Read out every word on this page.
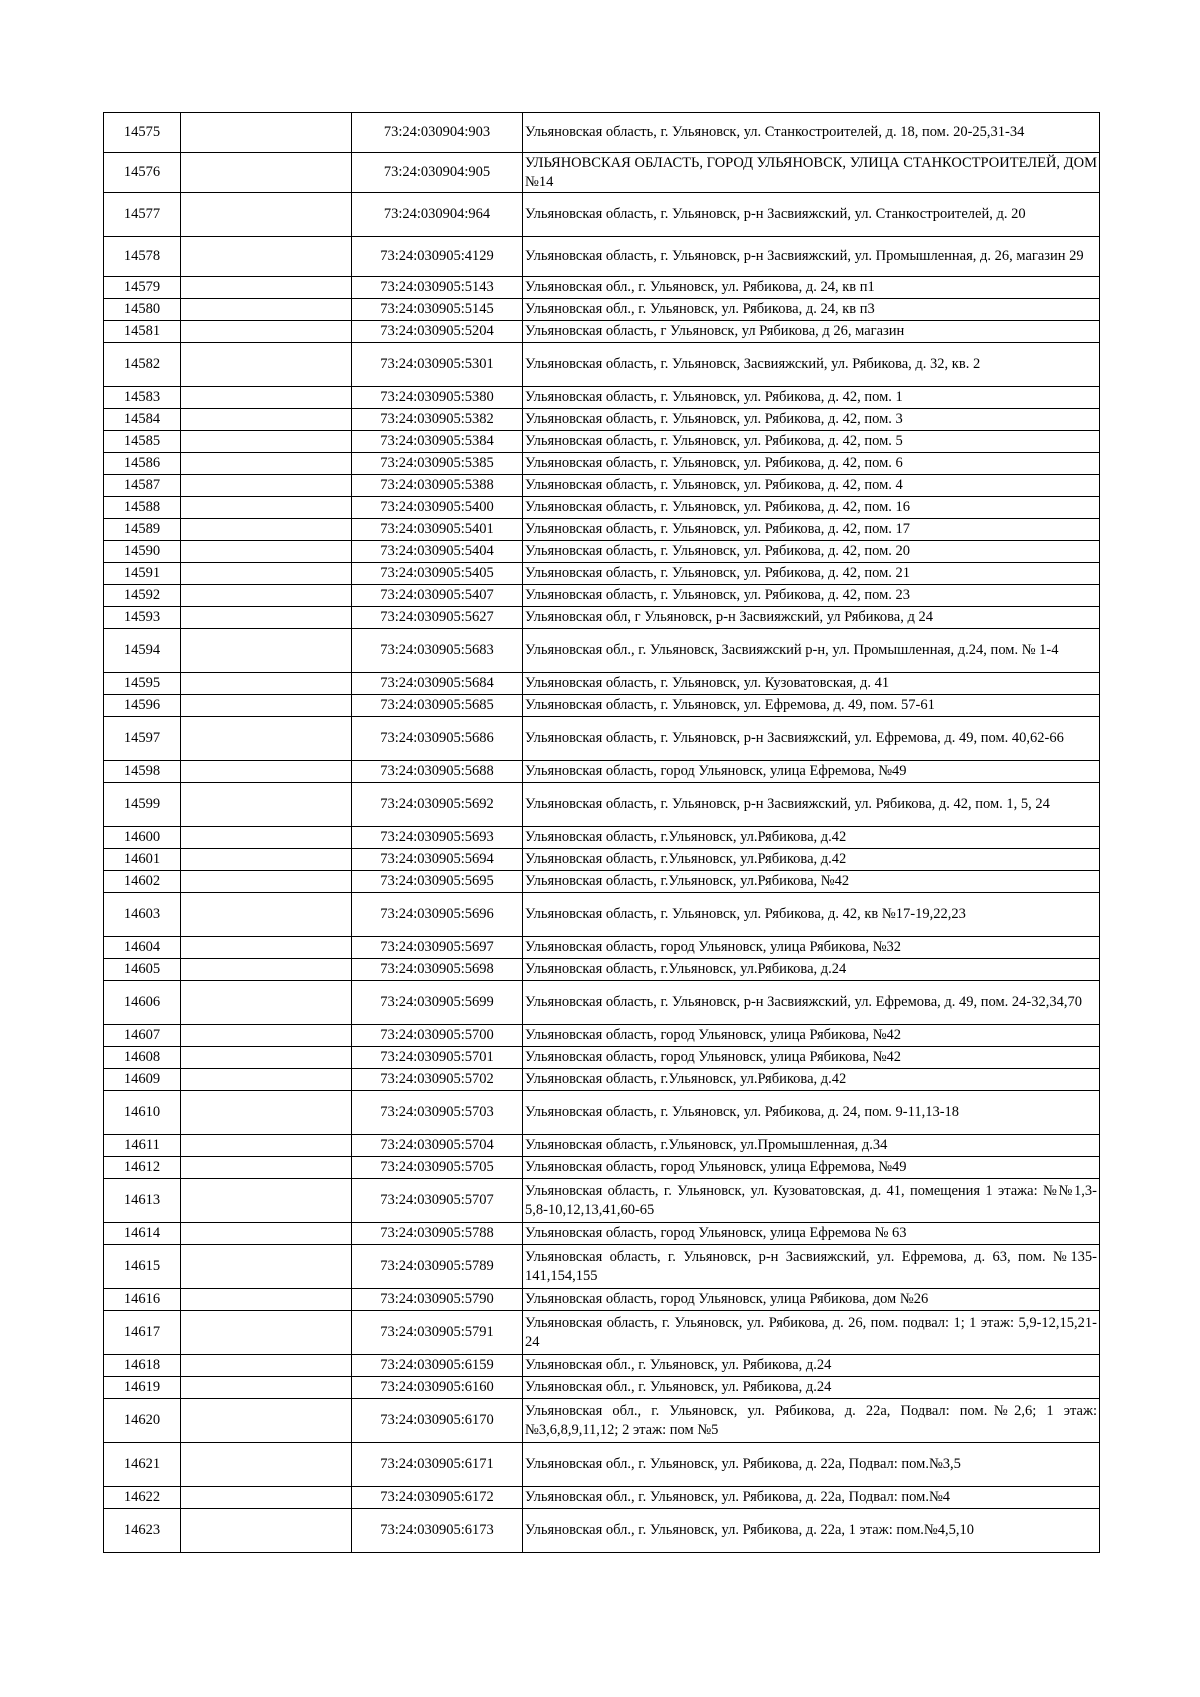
14575		73:24:030904:903	Ульяновская область, г. Ульяновск, ул. Станкостроителей, д. 18, пом. 20-25,31-34
14576		73:24:030904:905	УЛЬЯНОВСКАЯ ОБЛАСТЬ, ГОРОД УЛЬЯНОВСК, УЛИЦА СТАНКОСТРОИТЕЛЕЙ, ДОМ №14
14577		73:24:030904:964	Ульяновская область, г. Ульяновск, р-н Засвияжский, ул. Станкостроителей, д. 20
14578		73:24:030905:4129	Ульяновская область, г. Ульяновск, р-н Засвияжский, ул. Промышленная, д. 26, магазин 29
14579		73:24:030905:5143	Ульяновская обл., г. Ульяновск, ул. Рябикова, д. 24, кв п1
14580		73:24:030905:5145	Ульяновская обл., г. Ульяновск, ул. Рябикова, д. 24, кв п3
14581		73:24:030905:5204	Ульяновская область, г Ульяновск, ул Рябикова, д 26, магазин
14582		73:24:030905:5301	Ульяновская область, г. Ульяновск, Засвияжский, ул. Рябикова, д. 32, кв. 2
14583		73:24:030905:5380	Ульяновская область, г. Ульяновск, ул. Рябикова, д. 42, пом. 1
14584		73:24:030905:5382	Ульяновская область, г. Ульяновск, ул. Рябикова, д. 42, пом. 3
14585		73:24:030905:5384	Ульяновская область, г. Ульяновск, ул. Рябикова, д. 42, пом. 5
14586		73:24:030905:5385	Ульяновская область, г. Ульяновск, ул. Рябикова, д. 42, пом. 6
14587		73:24:030905:5388	Ульяновская область, г. Ульяновск, ул. Рябикова, д. 42, пом. 4
14588		73:24:030905:5400	Ульяновская область, г. Ульяновск, ул. Рябикова, д. 42, пом. 16
14589		73:24:030905:5401	Ульяновская область, г. Ульяновск, ул. Рябикова, д. 42, пом. 17
14590		73:24:030905:5404	Ульяновская область, г. Ульяновск, ул. Рябикова, д. 42, пом. 20
14591		73:24:030905:5405	Ульяновская область, г. Ульяновск, ул. Рябикова, д. 42, пом. 21
14592		73:24:030905:5407	Ульяновская область, г. Ульяновск, ул. Рябикова, д. 42, пом. 23
14593		73:24:030905:5627	Ульяновская обл, г Ульяновск, р-н Засвияжский, ул Рябикова, д 24
14594		73:24:030905:5683	Ульяновская обл., г. Ульяновск, Засвияжский р-н, ул. Промышленная, д.24, пом. № 1-4
14595		73:24:030905:5684	Ульяновская область, г. Ульяновск, ул. Кузоватовская, д. 41
14596		73:24:030905:5685	Ульяновская область, г. Ульяновск, ул. Ефремова, д. 49, пом. 57-61
14597		73:24:030905:5686	Ульяновская область, г. Ульяновск, р-н Засвияжский, ул. Ефремова, д. 49, пом. 40,62-66
14598		73:24:030905:5688	Ульяновская область, город Ульяновск, улица Ефремова, №49
14599		73:24:030905:5692	Ульяновская область, г. Ульяновск, р-н Засвияжский, ул. Рябикова, д. 42, пом. 1, 5, 24
14600		73:24:030905:5693	Ульяновская область, г.Ульяновск, ул.Рябикова, д.42
14601		73:24:030905:5694	Ульяновская область, г.Ульяновск, ул.Рябикова, д.42
14602		73:24:030905:5695	Ульяновская область, г.Ульяновск, ул.Рябикова, №42
14603		73:24:030905:5696	Ульяновская область, г. Ульяновск, ул. Рябикова, д. 42, кв №17-19,22,23
14604		73:24:030905:5697	Ульяновская область, город Ульяновск, улица Рябикова, №32
14605		73:24:030905:5698	Ульяновская область, г.Ульяновск, ул.Рябикова, д.24
14606		73:24:030905:5699	Ульяновская область, г. Ульяновск, р-н Засвияжский, ул. Ефремова, д. 49, пом. 24-32,34,70
14607		73:24:030905:5700	Ульяновская область, город Ульяновск, улица Рябикова, №42
14608		73:24:030905:5701	Ульяновская область, город Ульяновск, улица Рябикова, №42
14609		73:24:030905:5702	Ульяновская область, г.Ульяновск, ул.Рябикова, д.42
14610		73:24:030905:5703	Ульяновская область, г. Ульяновск, ул. Рябикова, д. 24, пом. 9-11,13-18
14611		73:24:030905:5704	Ульяновская область, г.Ульяновск, ул.Промышленная, д.34
14612		73:24:030905:5705	Ульяновская область, город Ульяновск, улица Ефремова, №49
14613		73:24:030905:5707	Ульяновская область, г. Ульяновск, ул. Кузоватовская, д. 41, помещения 1 этажа: №№1,3-5,8-10,12,13,41,60-65
14614		73:24:030905:5788	Ульяновская область, город Ульяновск, улица Ефремова № 63
14615		73:24:030905:5789	Ульяновская область, г. Ульяновск, р-н Засвияжский, ул. Ефремова, д. 63, пом. №135-141,154,155
14616		73:24:030905:5790	Ульяновская область, город Ульяновск, улица Рябикова, дом №26
14617		73:24:030905:5791	Ульяновская область, г. Ульяновск, ул. Рябикова, д. 26, пом. подвал: 1; 1 этаж: 5,9-12,15,21-24
14618		73:24:030905:6159	Ульяновская обл., г. Ульяновск, ул. Рябикова, д.24
14619		73:24:030905:6160	Ульяновская обл., г. Ульяновск, ул. Рябикова, д.24
14620		73:24:030905:6170	Ульяновская обл., г. Ульяновск, ул. Рябикова, д. 22а, Подвал: пом.№2,6; 1 этаж: №3,6,8,9,11,12; 2 этаж: пом №5
14621		73:24:030905:6171	Ульяновская обл., г. Ульяновск, ул. Рябикова, д. 22а, Подвал: пом.№3,5
14622		73:24:030905:6172	Ульяновская обл., г. Ульяновск, ул. Рябикова, д. 22а, Подвал: пом.№4
14623		73:24:030905:6173	Ульяновская обл., г. Ульяновск, ул. Рябикова, д. 22а, 1 этаж: пом.№4,5,10
